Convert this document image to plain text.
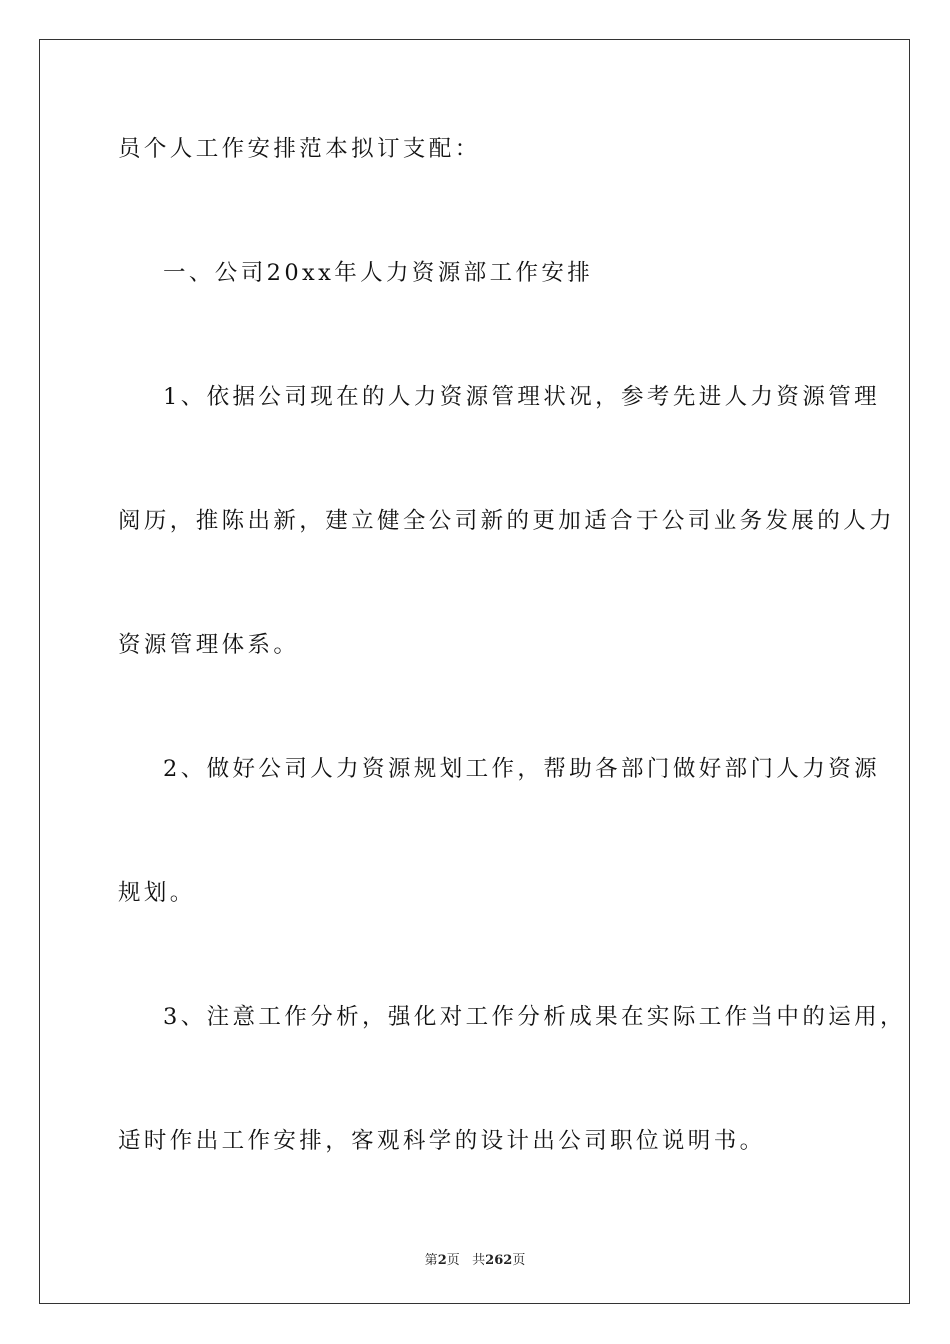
员个人工作安排范本拟订支配：
一、公司20xx年人力资源部工作安排
1、依据公司现在的人力资源管理状况，参考先进人力资源管理
阅历，推陈出新，建立健全公司新的更加适合于公司业务发展的人力
资源管理体系。
2、做好公司人力资源规划工作，帮助各部门做好部门人力资源
规划。
3、注意工作分析，强化对工作分析成果在实际工作当中的运用，
适时作出工作安排，客观科学的设计出公司职位说明书。
第2页 共262页
